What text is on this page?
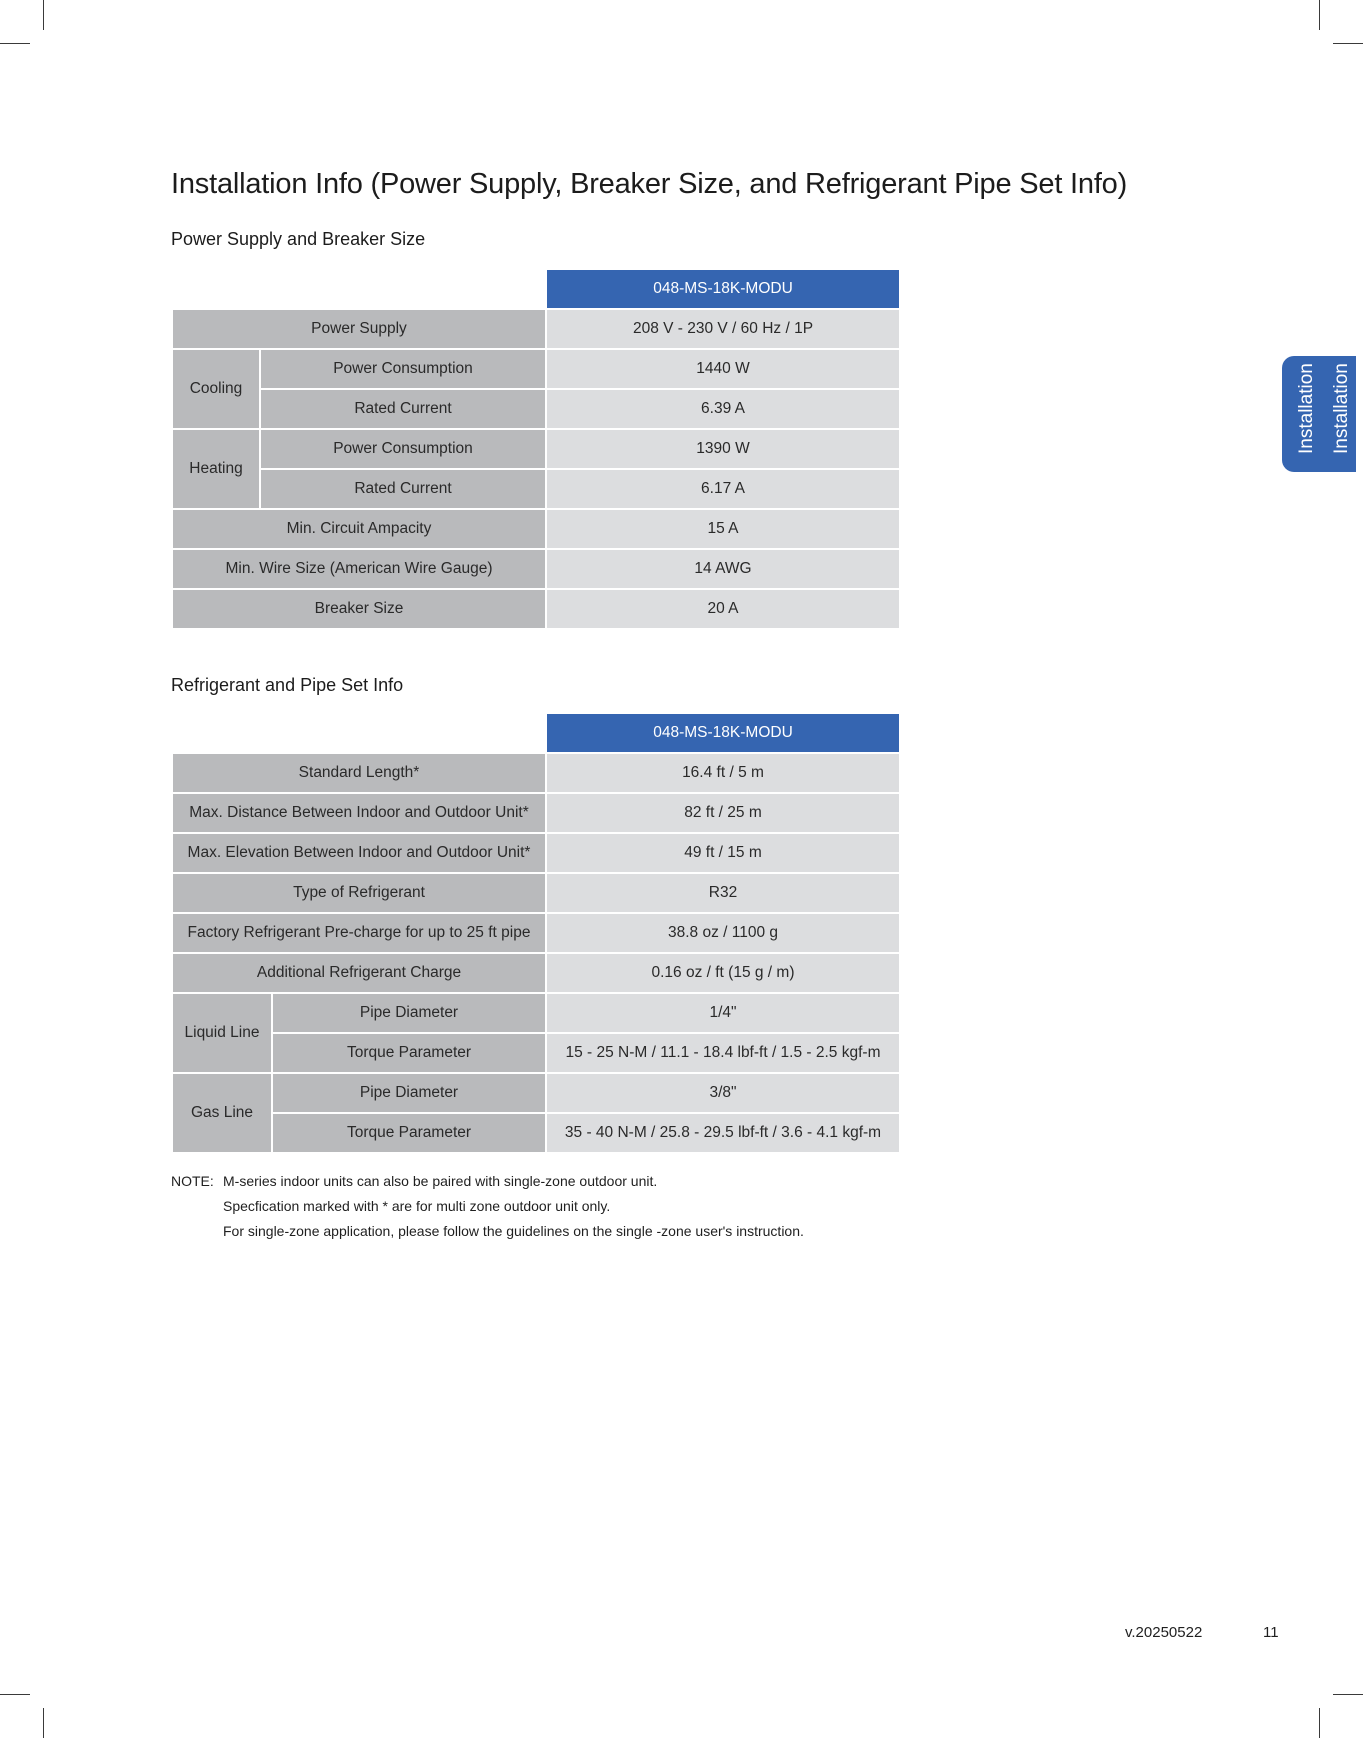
Installation Info (Power Supply, Breaker Size, and Refrigerant Pipe Set Info)
Installation Installation
Power Supply and Breaker Size
		048-MS-18K-MODU
Power Supply		208 V - 230 V / 60 Hz / 1P
Cooling	Power Consumption	1440 W
	Rated Current	6.39 A
Heating	Power Consumption	1390 W
	Rated Current	6.17 A
Min. Circuit Ampacity		15 A
Min. Wire Size (American Wire Gauge)		14 AWG
Breaker Size		20 A
Refrigerant and Pipe Set Info
		048-MS-18K-MODU
Standard Length*		16.4 ft / 5 m
Max. Distance Between Indoor and Outdoor Unit*		82 ft / 25 m
Max. Elevation Between Indoor and Outdoor Unit*		49 ft / 15 m
Type of Refrigerant		R32
Factory Refrigerant Pre-charge for up to 25 ft pipe		38.8 oz / 1100 g
Additional Refrigerant Charge		0.16 oz / ft (15 g / m)
Liquid Line	Pipe Diameter	1/4"
	Torque Parameter	15 - 25 N-M / 11.1 - 18.4 lbf-ft / 1.5 - 2.5 kgf-m
Gas Line	Pipe Diameter	3/8"
	Torque Parameter	35 - 40 N-M / 25.8 - 29.5 lbf-ft / 3.6 - 4.1 kgf-m
NOTE: M-series indoor units can also be paired with single-zone outdoor unit.
Specfication marked with * are for multi zone outdoor unit only.
For single-zone application, please follow the guidelines on the single -zone user's instruction.
v.20250522	11
